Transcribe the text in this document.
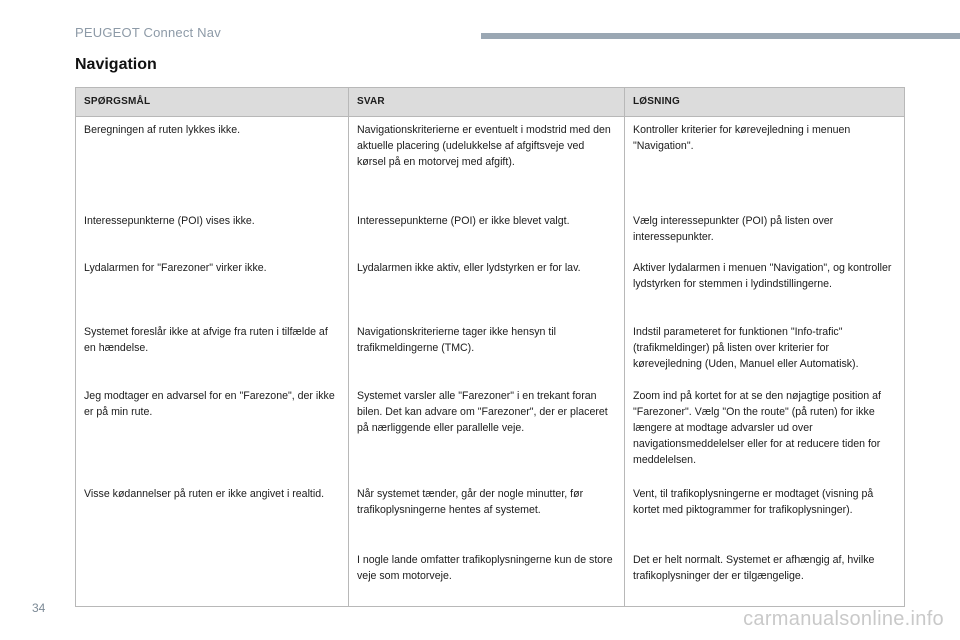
PEUGEOT Connect Nav
Navigation
SPØRGSMÅL	SVAR	LØSNING
Beregningen af ruten lykkes ikke.	Navigationskriterierne er eventuelt i modstrid med den aktuelle placering (udelukkelse af afgiftsveje ved kørsel på en motorvej med afgift).	Kontroller kriterier for kørevejledning i menuen "Navigation".
Interessepunkterne (POI) vises ikke.	Interessepunkterne (POI) er ikke blevet valgt.	Vælg interessepunkter (POI) på listen over interessepunkter.
Lydalarmen for "Farezoner" virker ikke.	Lydalarmen ikke aktiv, eller lydstyrken er for lav.	Aktiver lydalarmen i menuen "Navigation", og kontroller lydstyrken for stemmen i lydindstillingerne.
Systemet foreslår ikke at afvige fra ruten i tilfælde af en hændelse.	Navigationskriterierne tager ikke hensyn til trafikmeldingerne (TMC).	Indstil parameteret for funktionen "Info-trafic" (trafikmeldinger) på listen over kriterier for kørevejledning (Uden, Manuel eller Automatisk).
Jeg modtager en advarsel for en "Farezone", der ikke er på min rute.	Systemet varsler alle "Farezoner" i en trekant foran bilen. Det kan advare om "Farezoner", der er placeret på nærliggende eller parallelle veje.	Zoom ind på kortet for at se den nøjagtige position af "Farezoner". Vælg "On the route" (på ruten) for ikke længere at modtage advarsler ud over navigationsmeddelelser eller for at reducere tiden for meddelelsen.
Visse kødannelser på ruten er ikke angivet i realtid.	Når systemet tænder, går der nogle minutter, før trafikoplysningerne hentes af systemet.	Vent, til trafikoplysningerne er modtaget (visning på kortet med piktogrammer for trafikoplysninger).
	I nogle lande omfatter trafikoplysningerne kun de store veje som motorveje.	Det er helt normalt. Systemet er afhængig af, hvilke trafikoplysninger der er tilgængelige.
34	carmanualsonline.info
